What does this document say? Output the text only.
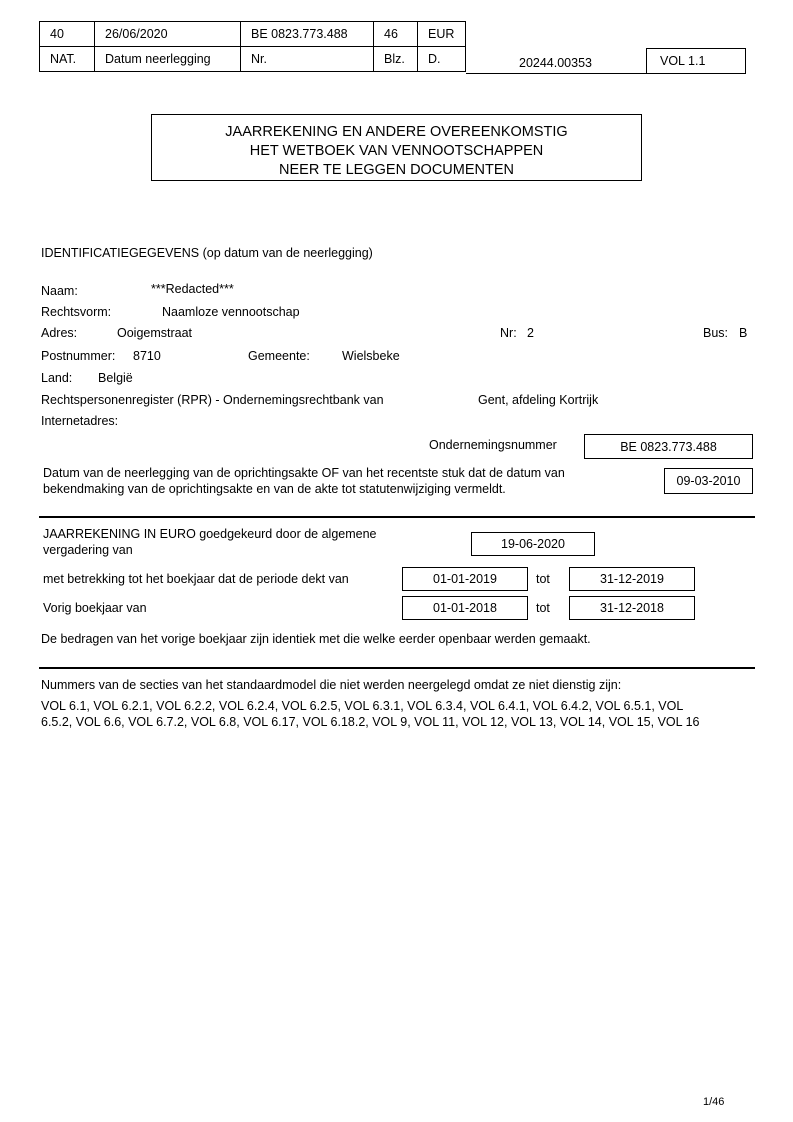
40	26/06/2020	BE 0823.773.488	46	EUR
NAT.	Datum neerlegging	Nr.	Blz.	D.	20244.00353	VOL 1.1
JAARREKENING EN ANDERE OVEREENKOMSTIG
HET WETBOEK VAN VENNOOTSCHAPPEN
NEER TE LEGGEN DOCUMENTEN
IDENTIFICATIEGEGEVENS (op datum van de neerlegging)
Naam:	***Redacted***
Rechtsvorm:	Naamloze vennootschap
Adres:	Ooigemstraat	Nr: 2	Bus: B
Postnummer: 8710	Gemeente:	Wielsbeke
Land: België
Rechtspersonenregister (RPR) - Ondernemingsrechtbank van	Gent, afdeling Kortrijk
Internetadres:
Ondernemingsnummer	BE 0823.773.488
Datum van de neerlegging van de oprichtingsakte OF van het recentste stuk dat de datum van
bekendmaking van de oprichtingsakte en van de akte tot statutenwijziging vermeldt.
09-03-2010
JAARREKENING IN EURO goedgekeurd door de algemene
vergadering van	19-06-2020
met betrekking tot het boekjaar dat de periode dekt van	01-01-2019	tot	31-12-2019
Vorig boekjaar van	01-01-2018	tot	31-12-2018
De bedragen van het vorige boekjaar zijn identiek met die welke eerder openbaar werden gemaakt.
Nummers van de secties van het standaardmodel die niet werden neergelegd omdat ze niet dienstig zijn:
VOL 6.1, VOL 6.2.1, VOL 6.2.2, VOL 6.2.4, VOL 6.2.5, VOL 6.3.1, VOL 6.3.4, VOL 6.4.1, VOL 6.4.2, VOL 6.5.1, VOL
6.5.2, VOL 6.6, VOL 6.7.2, VOL 6.8, VOL 6.17, VOL 6.18.2, VOL 9, VOL 11, VOL 12, VOL 13, VOL 14, VOL 15, VOL 16
1/46
